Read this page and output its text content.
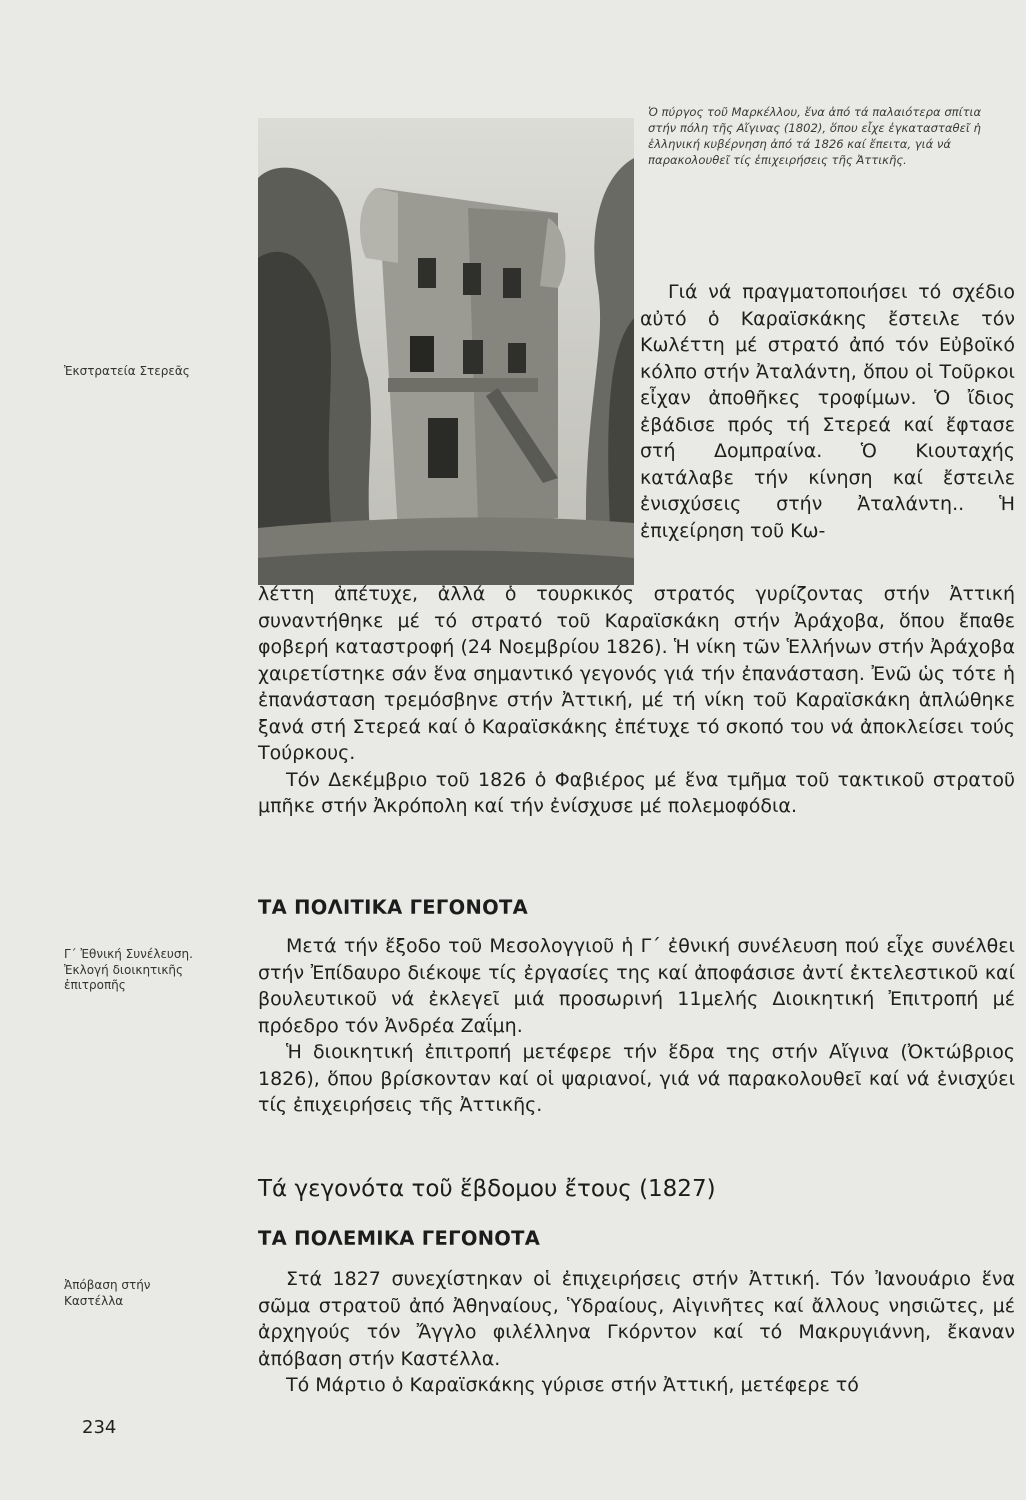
Ὁ πύργος τοῦ Μαρκέλλου, ἕνα ἀπό τά παλαιότερα σπίτια στήν πόλη τῆς Αἴγινας (1802), ὅπου εἶχε ἐγκατασταθεῖ ἡ ἑλληνική κυβέρνηση ἀπό τά 1826 καί ἔπειτα, γιά νά παρακολουθεῖ τίς ἐπιχειρήσεις τῆς Ἀττικῆς.
Ἐκστρατεία Στερεᾶς
Γ΄ Ἐθνική Συνέλευση. Ἐκλογή διοικητικῆς ἐπιτροπῆς
Ἀπόβαση στήν Καστέλλα

Γιά νά πραγματοποιήσει τό σχέδιο αὐτό ὁ Καραϊσκάκης ἔστειλε τόν Κωλέττη μέ στρατό ἀπό τόν Εὐβοϊκό κόλπο στήν Ἀταλάντη, ὅπου οἱ Τοῦρκοι εἶχαν ἀποθῆκες τροφίμων. Ὁ ἴδιος ἐβάδισε πρός τή Στερεά καί ἔφτασε στή Δομπραίνα. Ὁ Κιουταχής κατάλαβε τήν κίνηση καί ἔστειλε ἐνισχύσεις στήν Ἀταλάντη.. Ἡ ἐπιχείρηση τοῦ Κω-

λέττη ἀπέτυχε, ἀλλά ὁ τουρκικός στρατός γυρίζοντας στήν Ἀττική συναντήθηκε μέ τό στρατό τοῦ Καραϊσκάκη στήν Ἀράχοβα, ὅπου ἔπαθε φοβερή καταστροφή (24 Νοεμβρίου 1826). Ἡ νίκη τῶν Ἑλλήνων στήν Ἀράχοβα χαιρετίστηκε σάν ἕνα σημαντικό γεγονός γιά τήν ἐπανάσταση. Ἐνῶ ὡς τότε ἡ ἐπανάσταση τρεμόσβηνε στήν Ἀττική, μέ τή νίκη τοῦ Καραϊσκάκη ἁπλώθηκε ξανά στή Στερεά καί ὁ Καραϊσκάκης ἐπέτυχε τό σκοπό του νά ἀποκλείσει τούς Τούρκους.

Τόν Δεκέμβριο τοῦ 1826 ὁ Φαβιέρος μέ ἕνα τμῆμα τοῦ τακτικοῦ στρατοῦ μπῆκε στήν Ἀκρόπολη καί τήν ἐνίσχυσε μέ πολεμοφόδια.

ΤΑ ΠΟΛΙΤΙΚΑ ΓΕΓΟΝΟΤΑ

Μετά τήν ἔξοδο τοῦ Μεσολογγιοῦ ἡ Γ΄ ἐθνική συνέλευση πού εἶχε συνέλθει στήν Ἐπίδαυρο διέκοψε τίς ἐργασίες της καί ἀποφάσισε ἀντί ἐκτελεστικοῦ καί βουλευτικοῦ νά ἐκλεγεῖ μιά προσωρινή 11μελής Διοικητική Ἐπιτροπή μέ πρόεδρο τόν Ἀνδρέα Ζαΐμη.

Ἡ διοικητική ἐπιτροπή μετέφερε τήν ἕδρα της στήν Αἴγινα (Ὀκτώβριος 1826), ὅπου βρίσκονταν καί οἱ ψαριανοί, γιά νά παρακολουθεῖ καί νά ἐνισχύει τίς ἐπιχειρήσεις τῆς Ἀττικῆς.

Τά γεγονότα τοῦ ἕβδομου ἔτους (1827)
ΤΑ ΠΟΛΕΜΙΚΑ ΓΕΓΟΝΟΤΑ

Στά 1827 συνεχίστηκαν οἱ ἐπιχειρήσεις στήν Ἀττική. Τόν Ἰανουάριο ἕνα σῶμα στρατοῦ ἀπό Ἀθηναίους, Ὑδραίους, Αἰγινῆτες καί ἄλλους νησιῶτες, μέ ἀρχηγούς τόν Ἄγγλο φιλέλληνα Γκόρντον καί τό Μακρυγιάννη, ἔκαναν ἀπόβαση στήν Καστέλλα.

Τό Μάρτιο ὁ Καραϊσκάκης γύρισε στήν Ἀττική, μετέφερε τό

234
